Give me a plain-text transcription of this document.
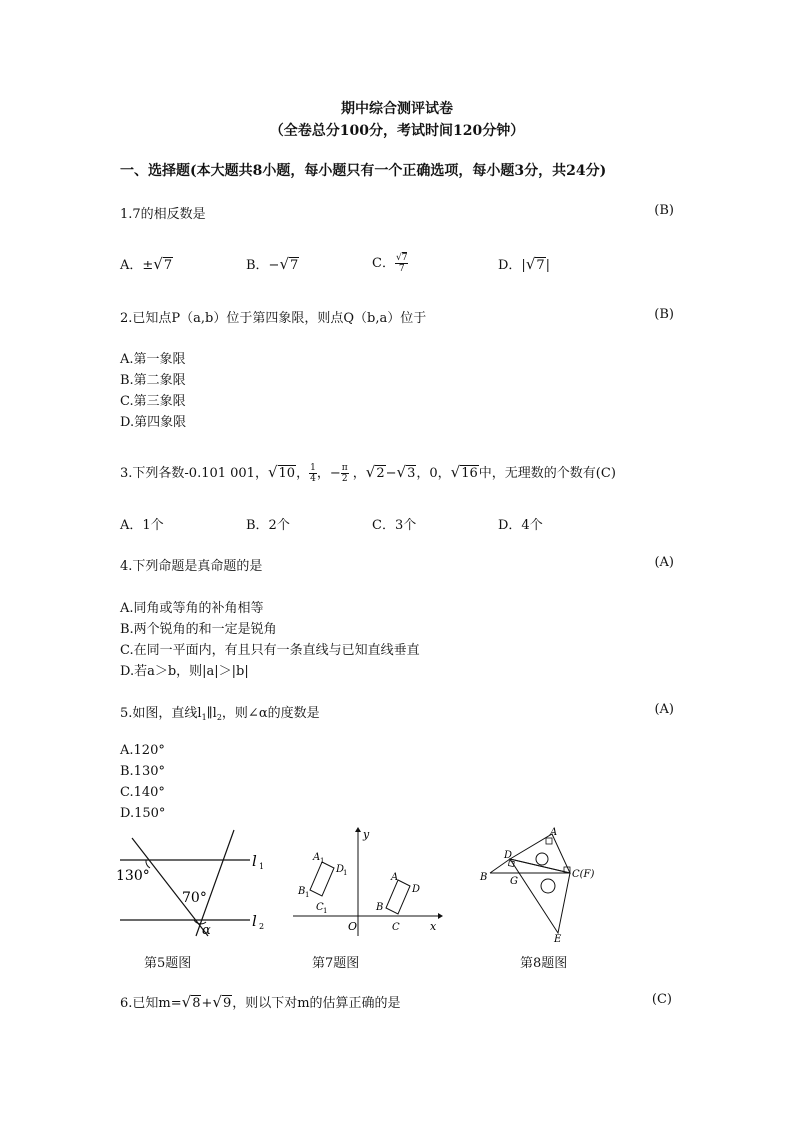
期中综合测评试卷
（全卷总分100分，考试时间120分钟）
一、选择题(本大题共8小题，每小题只有一个正确选项，每小题3分，共24分)
1.7的相反数是	(B)
A．±√7	B．−√7	C． $\frac{√7}{7}$	D．|√7|
2.已知点P（a,b）位于第四象限，则点Q（b,a）位于	(B)
A.第一象限
B.第二象限
C.第三象限
D.第四象限
3.下列各数-0.101 001，√10， $\frac{1}{4}$ ，− $\frac{\pi}{2}$ ，√2−√3，0，√16中，无理数的个数有(C)
A．1个	B．2个	C．3个	D．4个
4.下列命题是真命题的是	(A)
A.同角或等角的补角相等
B.两个锐角的和一定是锐角
C.在同一平面内，有且只有一条直线与已知直线垂直
D.若a＞b，则|a|＞|b|
5.如图，直线$l_1\parallel l_2$，则∠α的度数是	(A)
A.120°
B.130°
C.140°
D.150°
130°
70°
α
l 1
l 2
第5题图
y
x
O
A 1
D
1
B 1
C 1
A
D
B
C
第7题图
A
D
B G
C(F)
E
第8题图
6.已知m=√8+√9，则以下对m的估算正确的是	(C)
